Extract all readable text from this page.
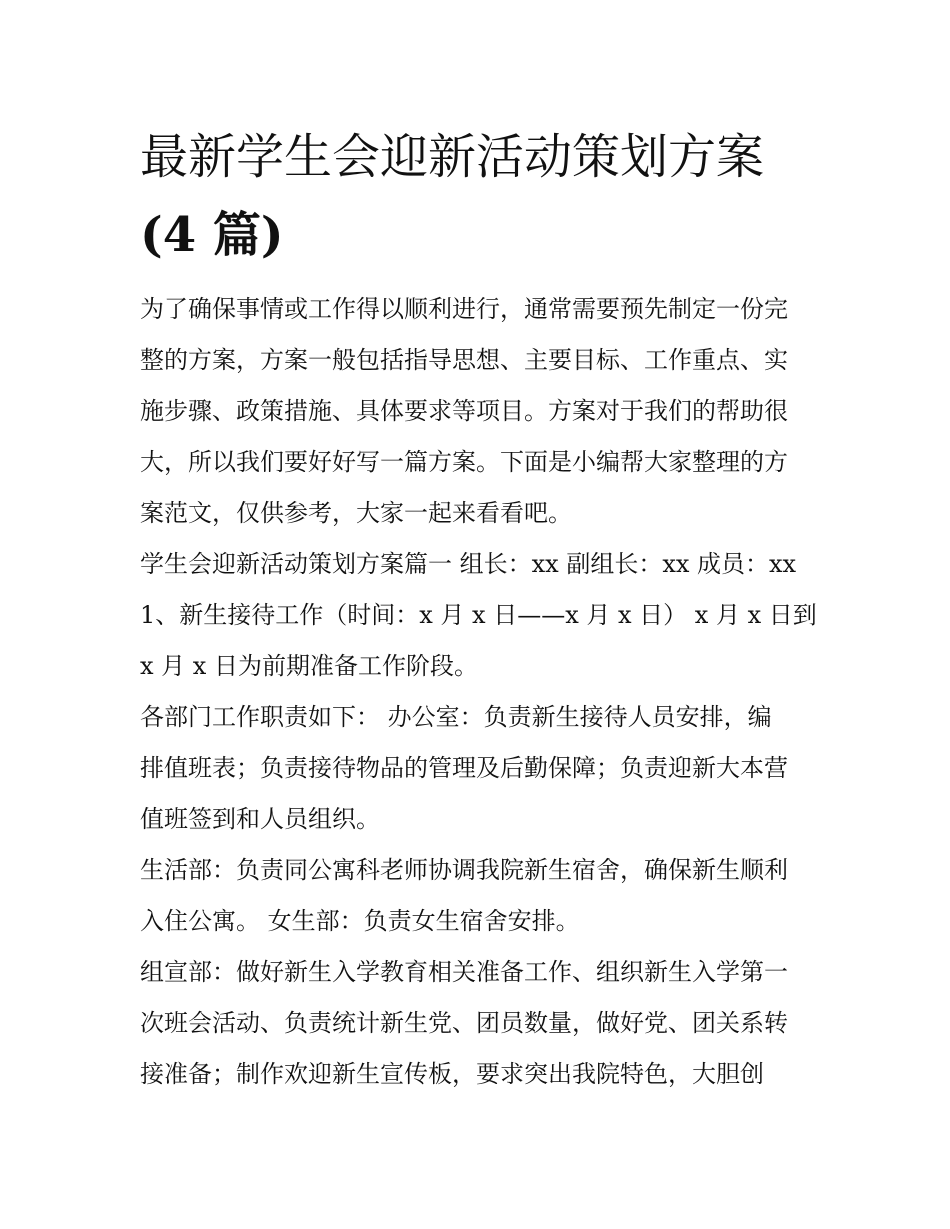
最新学生会迎新活动策划方案
(4 篇)

为了确保事情或工作得以顺利进行，通常需要预先制定一份完
整的方案，方案一般包括指导思想、主要目标、工作重点、实
施步骤、政策措施、具体要求等项目。方案对于我们的帮助很
大，所以我们要好好写一篇方案。下面是小编帮大家整理的方
案范文，仅供参考，大家一起来看看吧。

学生会迎新活动策划方案篇一 组长：xx 副组长：xx 成员：xx
1、新生接待工作（时间：x 月 x 日——x 月 x 日） x 月 x 日到
x 月 x 日为前期准备工作阶段。

各部门工作职责如下： 办公室：负责新生接待人员安排，编
排值班表；负责接待物品的管理及后勤保障；负责迎新大本营
值班签到和人员组织。

生活部：负责同公寓科老师协调我院新生宿舍，确保新生顺利
入住公寓。 女生部：负责女生宿舍安排。

组宣部：做好新生入学教育相关准备工作、组织新生入学第一
次班会活动、负责统计新生党、团员数量，做好党、团关系转
接准备；制作欢迎新生宣传板，要求突出我院特色，大胆创
